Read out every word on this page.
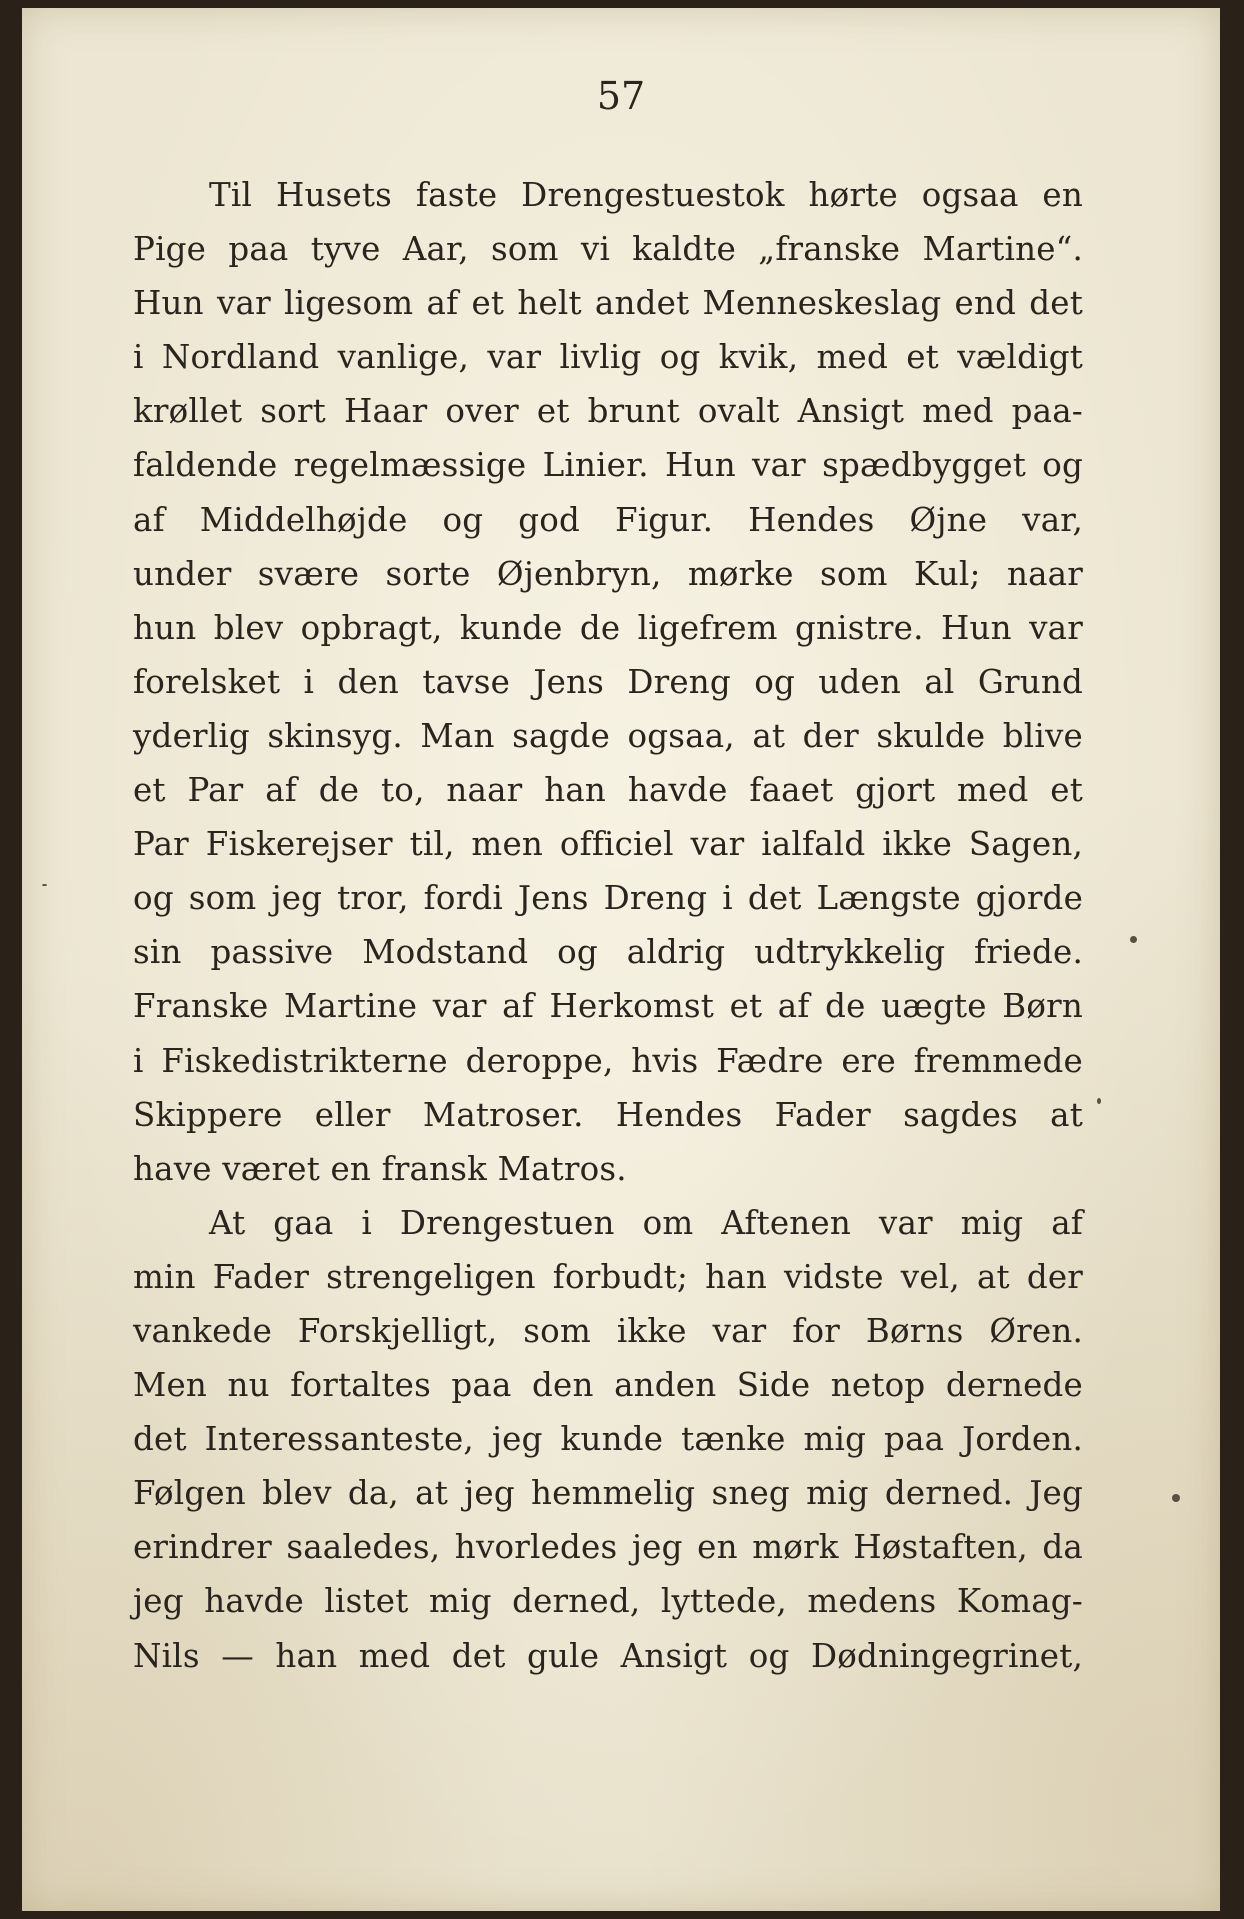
57
Til Husets faste Drengestuestok hørte ogsaa en
Pige paa tyve Aar, som vi kaldte „franske Martine“.
Hun var ligesom af et helt andet Menneskeslag end det
i Nordland vanlige, var livlig og kvik, med et vældigt
krøllet sort Haar over et brunt ovalt Ansigt med paa-
faldende regelmæssige Linier. Hun var spædbygget og
af Middelhøjde og god Figur. Hendes Øjne var,
under svære sorte Øjenbryn, mørke som Kul; naar
hun blev opbragt, kunde de ligefrem gnistre. Hun var
forelsket i den tavse Jens Dreng og uden al Grund
yderlig skinsyg. Man sagde ogsaa, at der skulde blive
et Par af de to, naar han havde faaet gjort med et
Par Fiskerejser til, men officiel var ialfald ikke Sagen,
og som jeg tror, fordi Jens Dreng i det Længste gjorde
sin passive Modstand og aldrig udtrykkelig friede.
Franske Martine var af Herkomst et af de uægte Børn
i Fiskedistrikterne deroppe, hvis Fædre ere fremmede
Skippere eller Matroser. Hendes Fader sagdes at
have været en fransk Matros.
At gaa i Drengestuen om Aftenen var mig af
min Fader strengeligen forbudt; han vidste vel, at der
vankede Forskjelligt, som ikke var for Børns Øren.
Men nu fortaltes paa den anden Side netop dernede
det Interessanteste, jeg kunde tænke mig paa Jorden.
Følgen blev da, at jeg hemmelig sneg mig derned. Jeg
erindrer saaledes, hvorledes jeg en mørk Høstaften, da
jeg havde listet mig derned, lyttede, medens Komag-
Nils — han med det gule Ansigt og Dødningegrinet,
